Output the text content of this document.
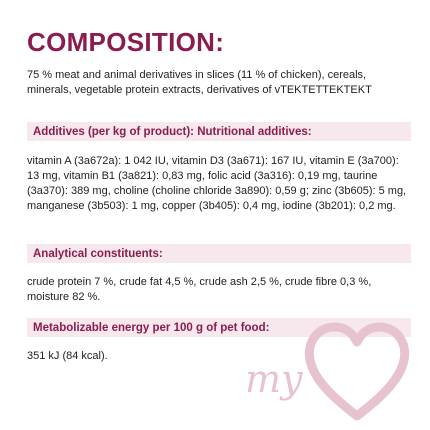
COMPOSITION:

75 % meat and animal derivatives in slices (11 % of chicken), cereals, minerals, vegetable protein extracts, derivatives of vTEKTETTEKTEKT

Additives (per kg of product): Nutritional additives:

vitamin A (3a672a): 1 042 IU, vitamin D3 (3a671): 167 IU, vitamin E (3a700): 13 mg, vitamin B1 (3a821): 0,83 mg, folic acid (3a316): 0,19 mg, taurine (3a370): 389 mg, choline (choline chloride 3a890): 0,59 g; zinc (3b605): 5 mg, manganese (3b503): 1 mg, copper (3b405): 0,4 mg, iodine (3b201): 0,2 mg.

Analytical constituents:

crude protein 7 %, crude fat 4,5 %, crude ash 2,5 %, crude fibre 0,3 %, moisture 82 %.

Metabolizable energy per 100 g of pet food:

351 kJ (84 kcal).

my
